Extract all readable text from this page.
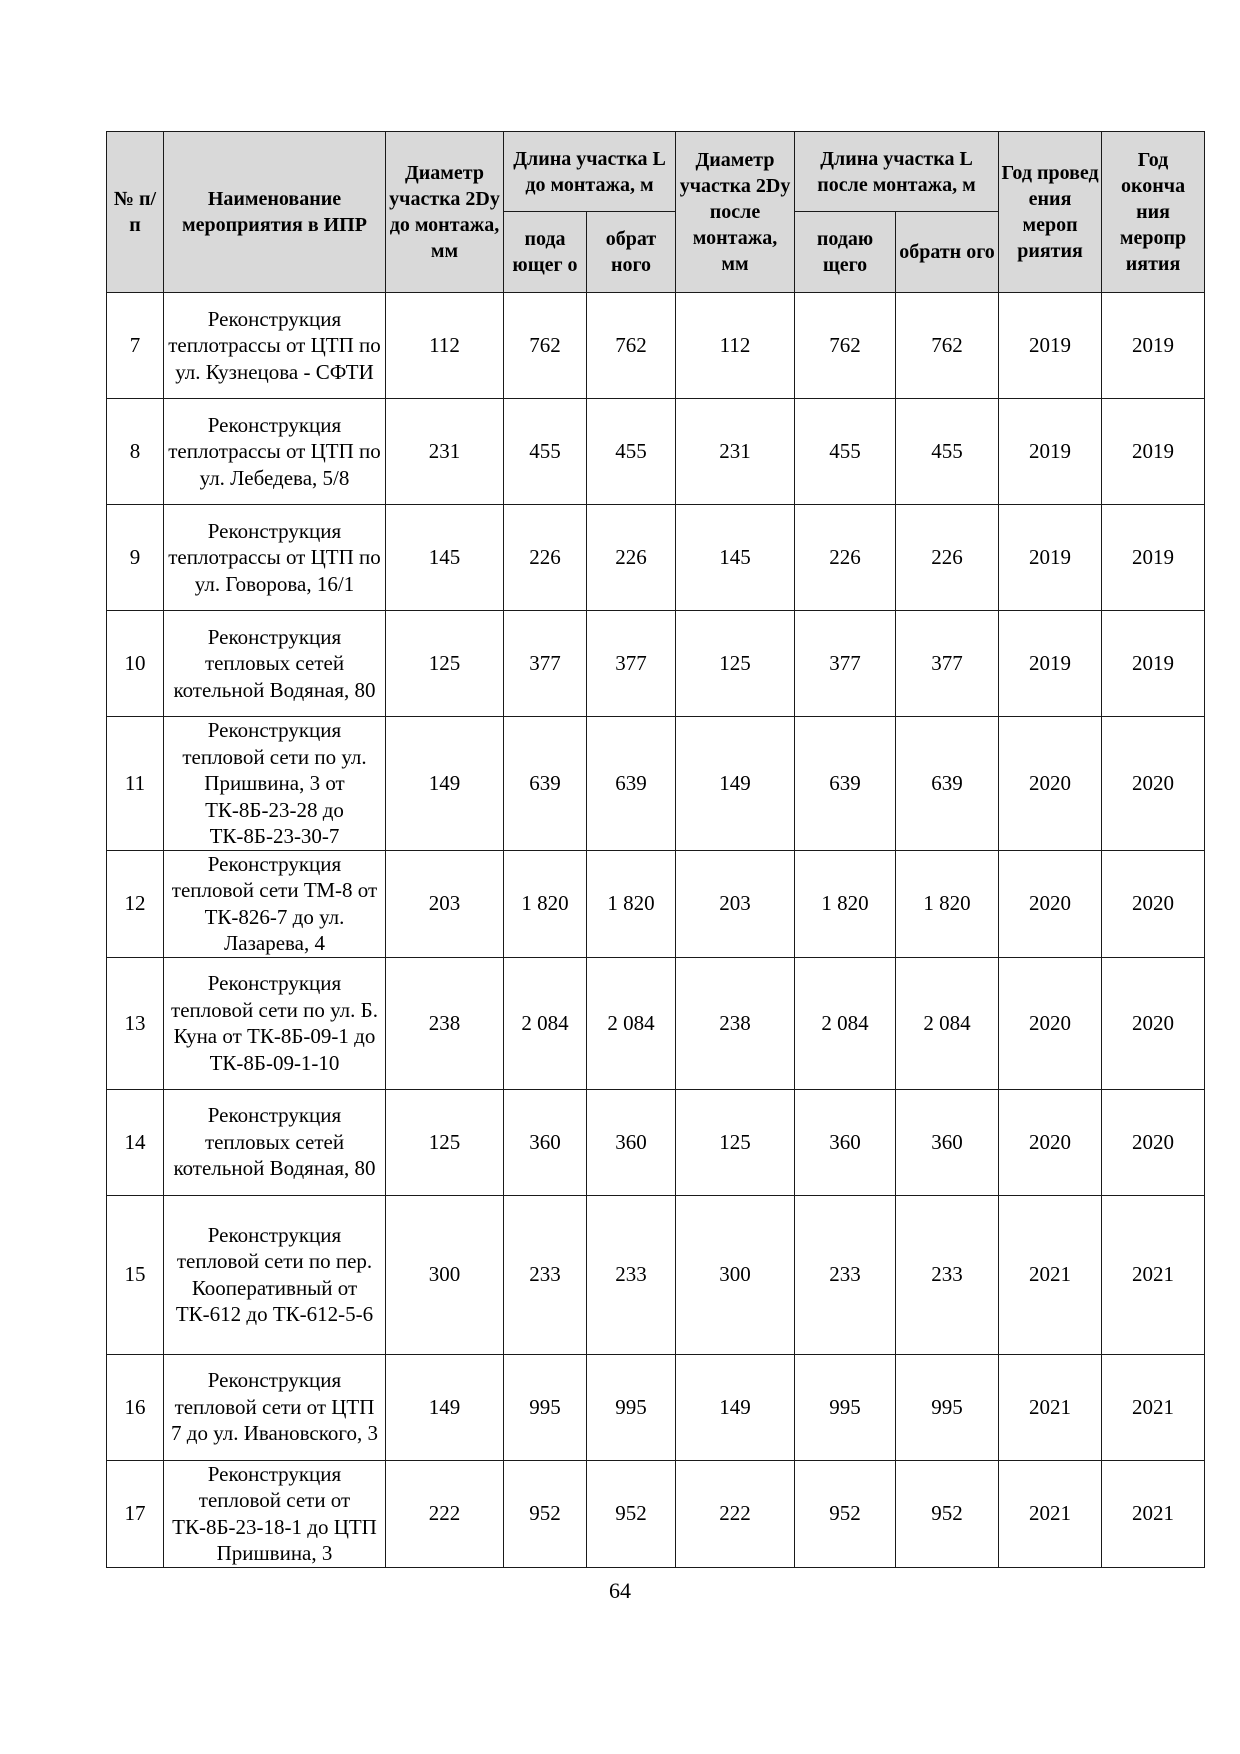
№ п/п	Наименование мероприятия в ИПР	Диаметр участка 2Dу до монтажа, мм	Длина участка L до монтажа, м		Диаметр участка 2Dу после монтажа, мм	Длина участка L после монтажа, м		Год провед ения мероп риятия	Год оконча ния меропр иятия
			пода ющег о	обрат ного		подаю щего	обратн ого		
7	Реконструкция теплотрассы от ЦТП по ул. Кузнецова - СФТИ	112	762	762	112	762	762	2019	2019
8	Реконструкция теплотрассы от ЦТП по ул. Лебедева, 5/8	231	455	455	231	455	455	2019	2019
9	Реконструкция теплотрассы от ЦТП по ул. Говорова, 16/1	145	226	226	145	226	226	2019	2019
10	Реконструкция тепловых сетей котельной Водяная, 80	125	377	377	125	377	377	2019	2019
11	Реконструкция тепловой сети по ул. Пришвина, 3 от ТК-8Б-23-28 до ТК-8Б-23-30-7	149	639	639	149	639	639	2020	2020
12	Реконструкция тепловой сети ТМ-8 от ТК-826-7 до ул. Лазарева, 4	203	1 820	1 820	203	1 820	1 820	2020	2020
13	Реконструкция тепловой сети по ул. Б. Куна от ТК-8Б-09-1 до ТК-8Б-09-1-10	238	2 084	2 084	238	2 084	2 084	2020	2020
14	Реконструкция тепловых сетей котельной Водяная, 80	125	360	360	125	360	360	2020	2020
15	Реконструкция тепловой сети по пер. Кооперативный от ТК-612 до ТК-612-5-6	300	233	233	300	233	233	2021	2021
16	Реконструкция тепловой сети от ЦТП 7 до ул. Ивановского, 3	149	995	995	149	995	995	2021	2021
17	Реконструкция тепловой сети от ТК-8Б-23-18-1 до ЦТП Пришвина, 3	222	952	952	222	952	952	2021	2021
64
